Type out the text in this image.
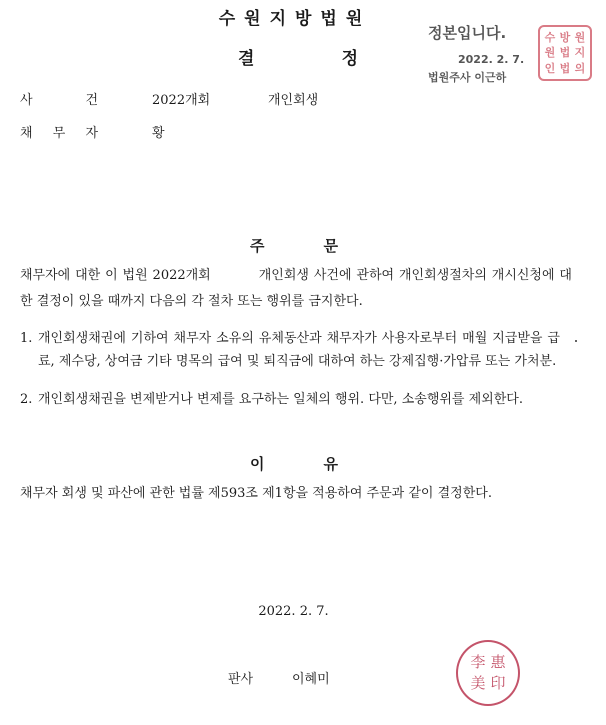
수원지방법원
결	정
정본입니다.
2022. 2. 7.
법원주사 이근하
수 방 원
원 법 지
인 법 의
사	건	2022개회	개인회생
채 무 자	황
주	문
채무자에 대한 이 법원 2022개회	개인회생 사건에 관하여 개인회생절차의 개시신청에 대한 결정이 있을 때까지 다음의 각 절차 또는 행위를 금지한다.
1. 개인회생채권에 기하여 채무자 소유의 유체동산과 채무자가 사용자로부터 매월 지급받을 급료, 제수당, 상여금 기타 명목의 급여 및 퇴직금에 대하여 하는 강제집행·가압류 또는 가처분.
2. 개인회생채권을 변제받거나 변제를 요구하는 일체의 행위. 다만, 소송행위를 제외한다.
이	유
채무자 회생 및 파산에 관한 법률 제593조 제1항을 적용하여 주문과 같이 결정한다.
2022. 2. 7.
판사	이혜미
李 惠
美 印
